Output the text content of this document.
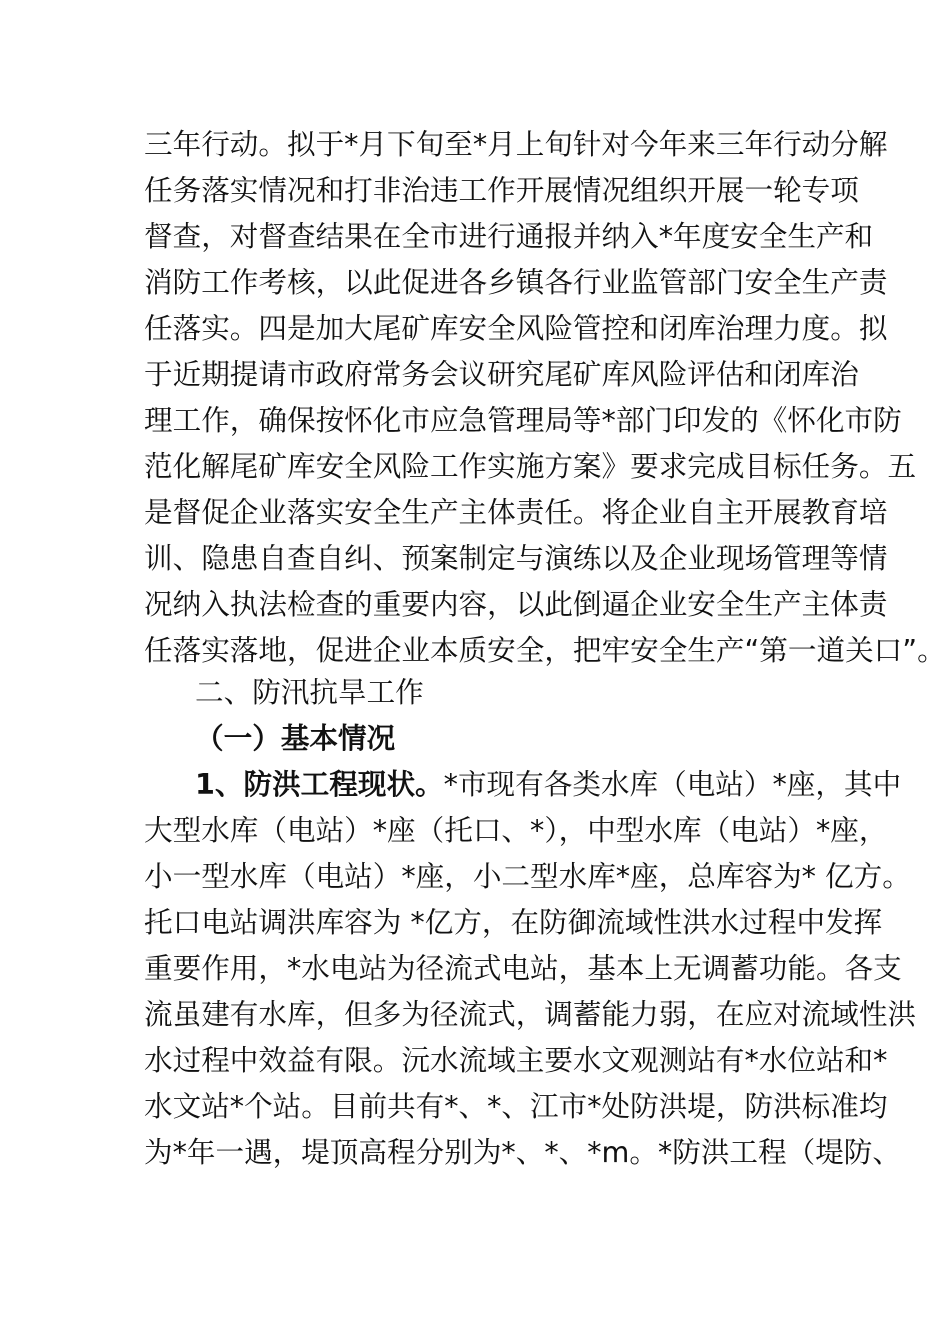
三年行动。拟于*月下旬至*月上旬针对今年来三年行动分解
任务落实情况和打非治违工作开展情况组织开展一轮专项
督查，对督查结果在全市进行通报并纳入*年度安全生产和
消防工作考核，以此促进各乡镇各行业监管部门安全生产责
任落实。四是加大尾矿库安全风险管控和闭库治理力度。拟
于近期提请市政府常务会议研究尾矿库风险评估和闭库治
理工作，确保按怀化市应急管理局等*部门印发的《怀化市防
范化解尾矿库安全风险工作实施方案》要求完成目标任务。五
是督促企业落实安全生产主体责任。将企业自主开展教育培
训、隐患自查自纠、预案制定与演练以及企业现场管理等情
况纳入执法检查的重要内容，以此倒逼企业安全生产主体责
任落实落地，促进企业本质安全，把牢安全生产“第一道关口”。
二、防汛抗旱工作
（一）基本情况
1、防洪工程现状。*市现有各类水库（电站）*座，其中
大型水库（电站）*座（托口、*），中型水库（电站）*座，
小一型水库（电站）*座，小二型水库*座，总库容为* 亿方。
托口电站调洪库容为 *亿方，在防御流域性洪水过程中发挥
重要作用，*水电站为径流式电站，基本上无调蓄功能。各支
流虽建有水库，但多为径流式，调蓄能力弱，在应对流域性洪
水过程中效益有限。沅水流域主要水文观测站有*水位站和*
水文站*个站。目前共有*、*、江市*处防洪堤，防洪标准均
为*年一遇，堤顶高程分别为*、*、*m。*防洪工程（堤防、
